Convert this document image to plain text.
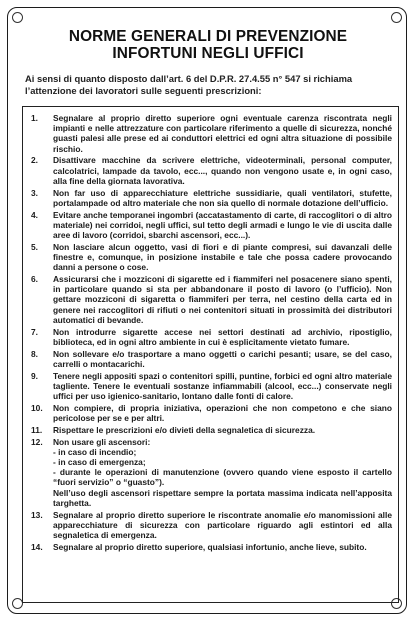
NORME GENERALI DI PREVENZIONE
INFORTUNI NEGLI UFFICI
Ai sensi di quanto disposto dall’art. 6 del D.P.R. 27.4.55 n° 547 si richiama
l’attenzione dei lavoratori sulle seguenti prescrizioni:
1.	Segnalare al proprio diretto superiore ogni eventuale carenza riscontrata negli impianti e nelle attrezzature con particolare riferimento a quelle di sicurezza, nonché guasti palesi alle prese ed ai conduttori elettrici ed ogni altra situazione di possibile rischio.
2.	Disattivare macchine da scrivere elettriche, videoterminali, personal computer, calcolatrici, lampade da tavolo, ecc..., quando non vengono usate e, in ogni caso, alla fine della giornata lavorativa.
3.	Non far uso di apparecchiature elettriche sussidiarie, quali ventilatori, stufette, portalampade od altro materiale che non sia quello di normale dotazione dell’ufficio.
4.	Evitare anche temporanei ingombri (accatastamento di carte, di raccoglitori o di altro materiale) nei corridoi, negli uffici, sul tetto degli armadi e lungo le vie di uscita dalle aree di lavoro (corridoi, sbarchi ascensori, ecc...).
5.	Non lasciare alcun oggetto, vasi di fiori e di piante compresi, sui davanzali delle finestre e, comunque, in posizione instabile e tale che possa cadere provocando danni a persone o cose.
6.	Assicurarsi che i mozziconi di sigarette ed i fiammiferi nel posacenere siano spenti, in particolare quando si sta per abbandonare il posto di lavoro (o l’ufficio). Non gettare mozziconi di sigaretta o fiammiferi per terra, nel cestino della carta ed in genere nei raccoglitori di rifiuti o nei contenitori situati in prossimità dei distributori automatici di bevande.
7.	Non introdurre sigarette accese nei settori destinati ad archivio, ripostiglio, biblioteca, ed in ogni altro ambiente in cui è esplicitamente vietato fumare.
8.	Non sollevare e/o trasportare a mano oggetti o carichi pesanti; usare, se del caso, carrelli o montacarichi.
9.	Tenere negli appositi spazi o contenitori spilli, puntine, forbici ed ogni altro materiale tagliente. Tenere le eventuali sostanze infiammabili (alcool, ecc...) conservate negli uffici per uso igienico-sanitario, lontano dalle fonti di calore.
10.	Non compiere, di propria iniziativa, operazioni che non competono e che siano pericolose per se e per altri.
11.	Rispettare le prescrizioni e/o divieti della segnaletica di sicurezza.
12.	Non usare gli ascensori:
- in caso di incendio;
- in caso di emergenza;
- durante le operazioni di manutenzione (ovvero quando viene esposto il cartello “fuori servizio” o “guasto”).
Nell’uso degli ascensori rispettare sempre la portata massima indicata nell’apposita targhetta.
13.	Segnalare al proprio diretto superiore le riscontrate anomalie e/o manomissioni alle apparecchiature di sicurezza con particolare riguardo agli estintori ed alla segnaletica di emergenza.
14.	Segnalare al proprio diretto superiore, qualsiasi infortunio, anche lieve, subito.
